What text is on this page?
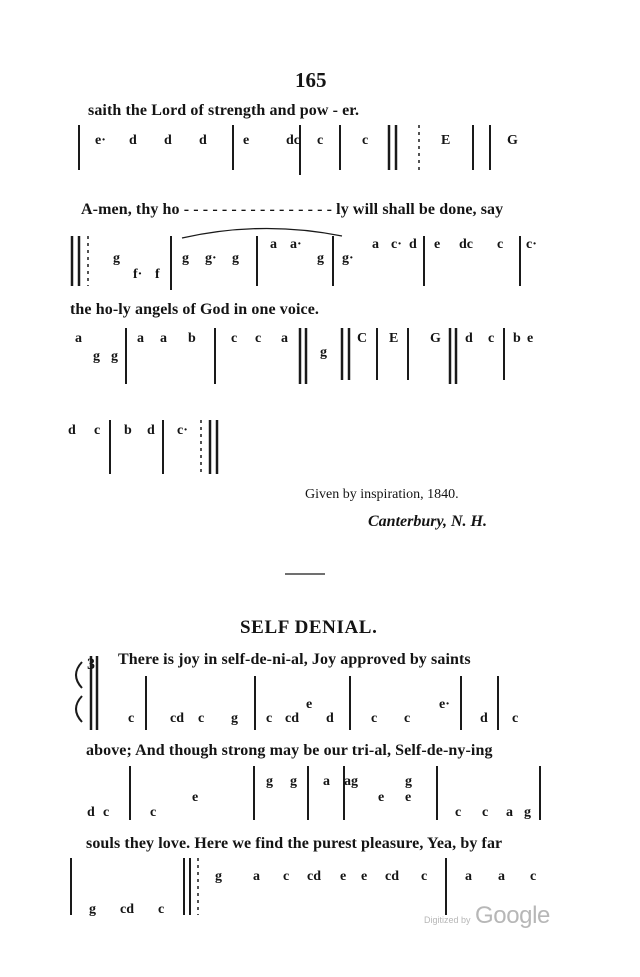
165
saith the Lord of strength and pow - er.
e· d d d	e	dc c	c	E	G
A-men, thy ho - - - - - - - - - - - - - - - - ly will shall be done, say
g
f· f
g g· g
a a·
g g·
a c· d e dc c c·
the ho-ly angels of God in one voice.
a
g g
a a b	c c a
g
C E G d c b e
d c b d c·
Given by inspiration, 1840.
Canterbury, N. H.
SELF DENIAL.
3 There is joy in self-de-ni-al, Joy approved by saints
c	cd c g c cd d
e
c c
e·
d c
above; And though strong may be our tri-al, Self-de-ny-ing
d c	c
e
g g a ag	g
e e
c c a g
souls they love. Here we find the purest pleasure, Yea, by far
g cd c
g a c cd e e cd c	a a c
Digitized by Google
